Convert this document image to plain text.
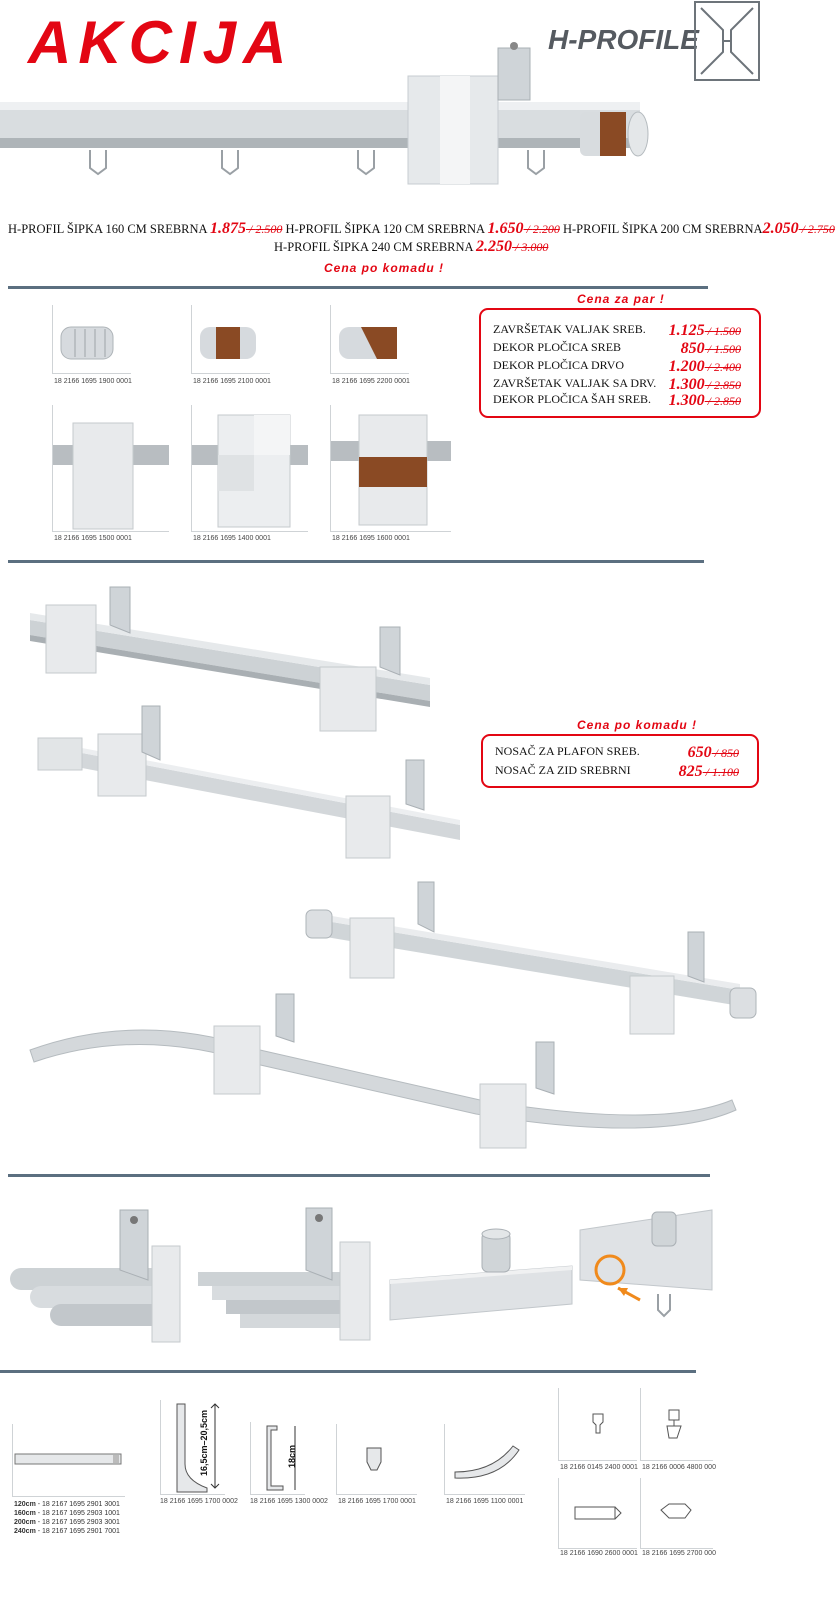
AKCIJA	H-PROFILE
H-PROFIL ŠIPKA 160 CM SREBRNA 1.875 / 2.500 H-PROFIL ŠIPKA 120 CM SREBRNA 1.650 / 2.200 H-PROFIL ŠIPKA 200 CM SREBRNA2.050 / 2.750
H-PROFIL ŠIPKA 240 CM SREBRNA 2.250 / 3.000
Cena po komadu !
18 2166 1695 1900 0001	18 2166 1695 2100 0001	18 2166 1695 2200 0001
Cena za par !
ZAVRŠETAK VALJAK SREB. 1.125 / 1.500
DEKOR PLOČICA SREB	850 / 1.500
DEKOR PLOČICA DRVO	1.200 / 2.400
ZAVRŠETAK VALJAK SA DRV. 1.300 / 2.850
DEKOR PLOČICA ŠAH SREB. 1.300 / 2.850
18 2166 1695 1500 0001	18 2166 1695 1400 0001	18 2166 1695 1600 0001
Cena po komadu !
NOSAČ ZA PLAFON SREB.	650 / 850
NOSAČ ZA ZID SREBRNI	825 / 1.100
120cm - 18 2167 1695 2901 3001
160cm - 18 2167 1695 2903 1001
200cm - 18 2167 1695 2903 3001
240cm - 18 2167 1695 2901 7001
16,5cm–20,5cm
18 2166 1695 1700 0002
18cm
18 2166 1695 1300 0002 18 2166 1695 1700 0001	18 2166 1695 1100 0001
18 2166 0145 2400 0001 18 2166 0006 4800 000
18 2166 1690 2600 0001 18 2166 1695 2700 000
